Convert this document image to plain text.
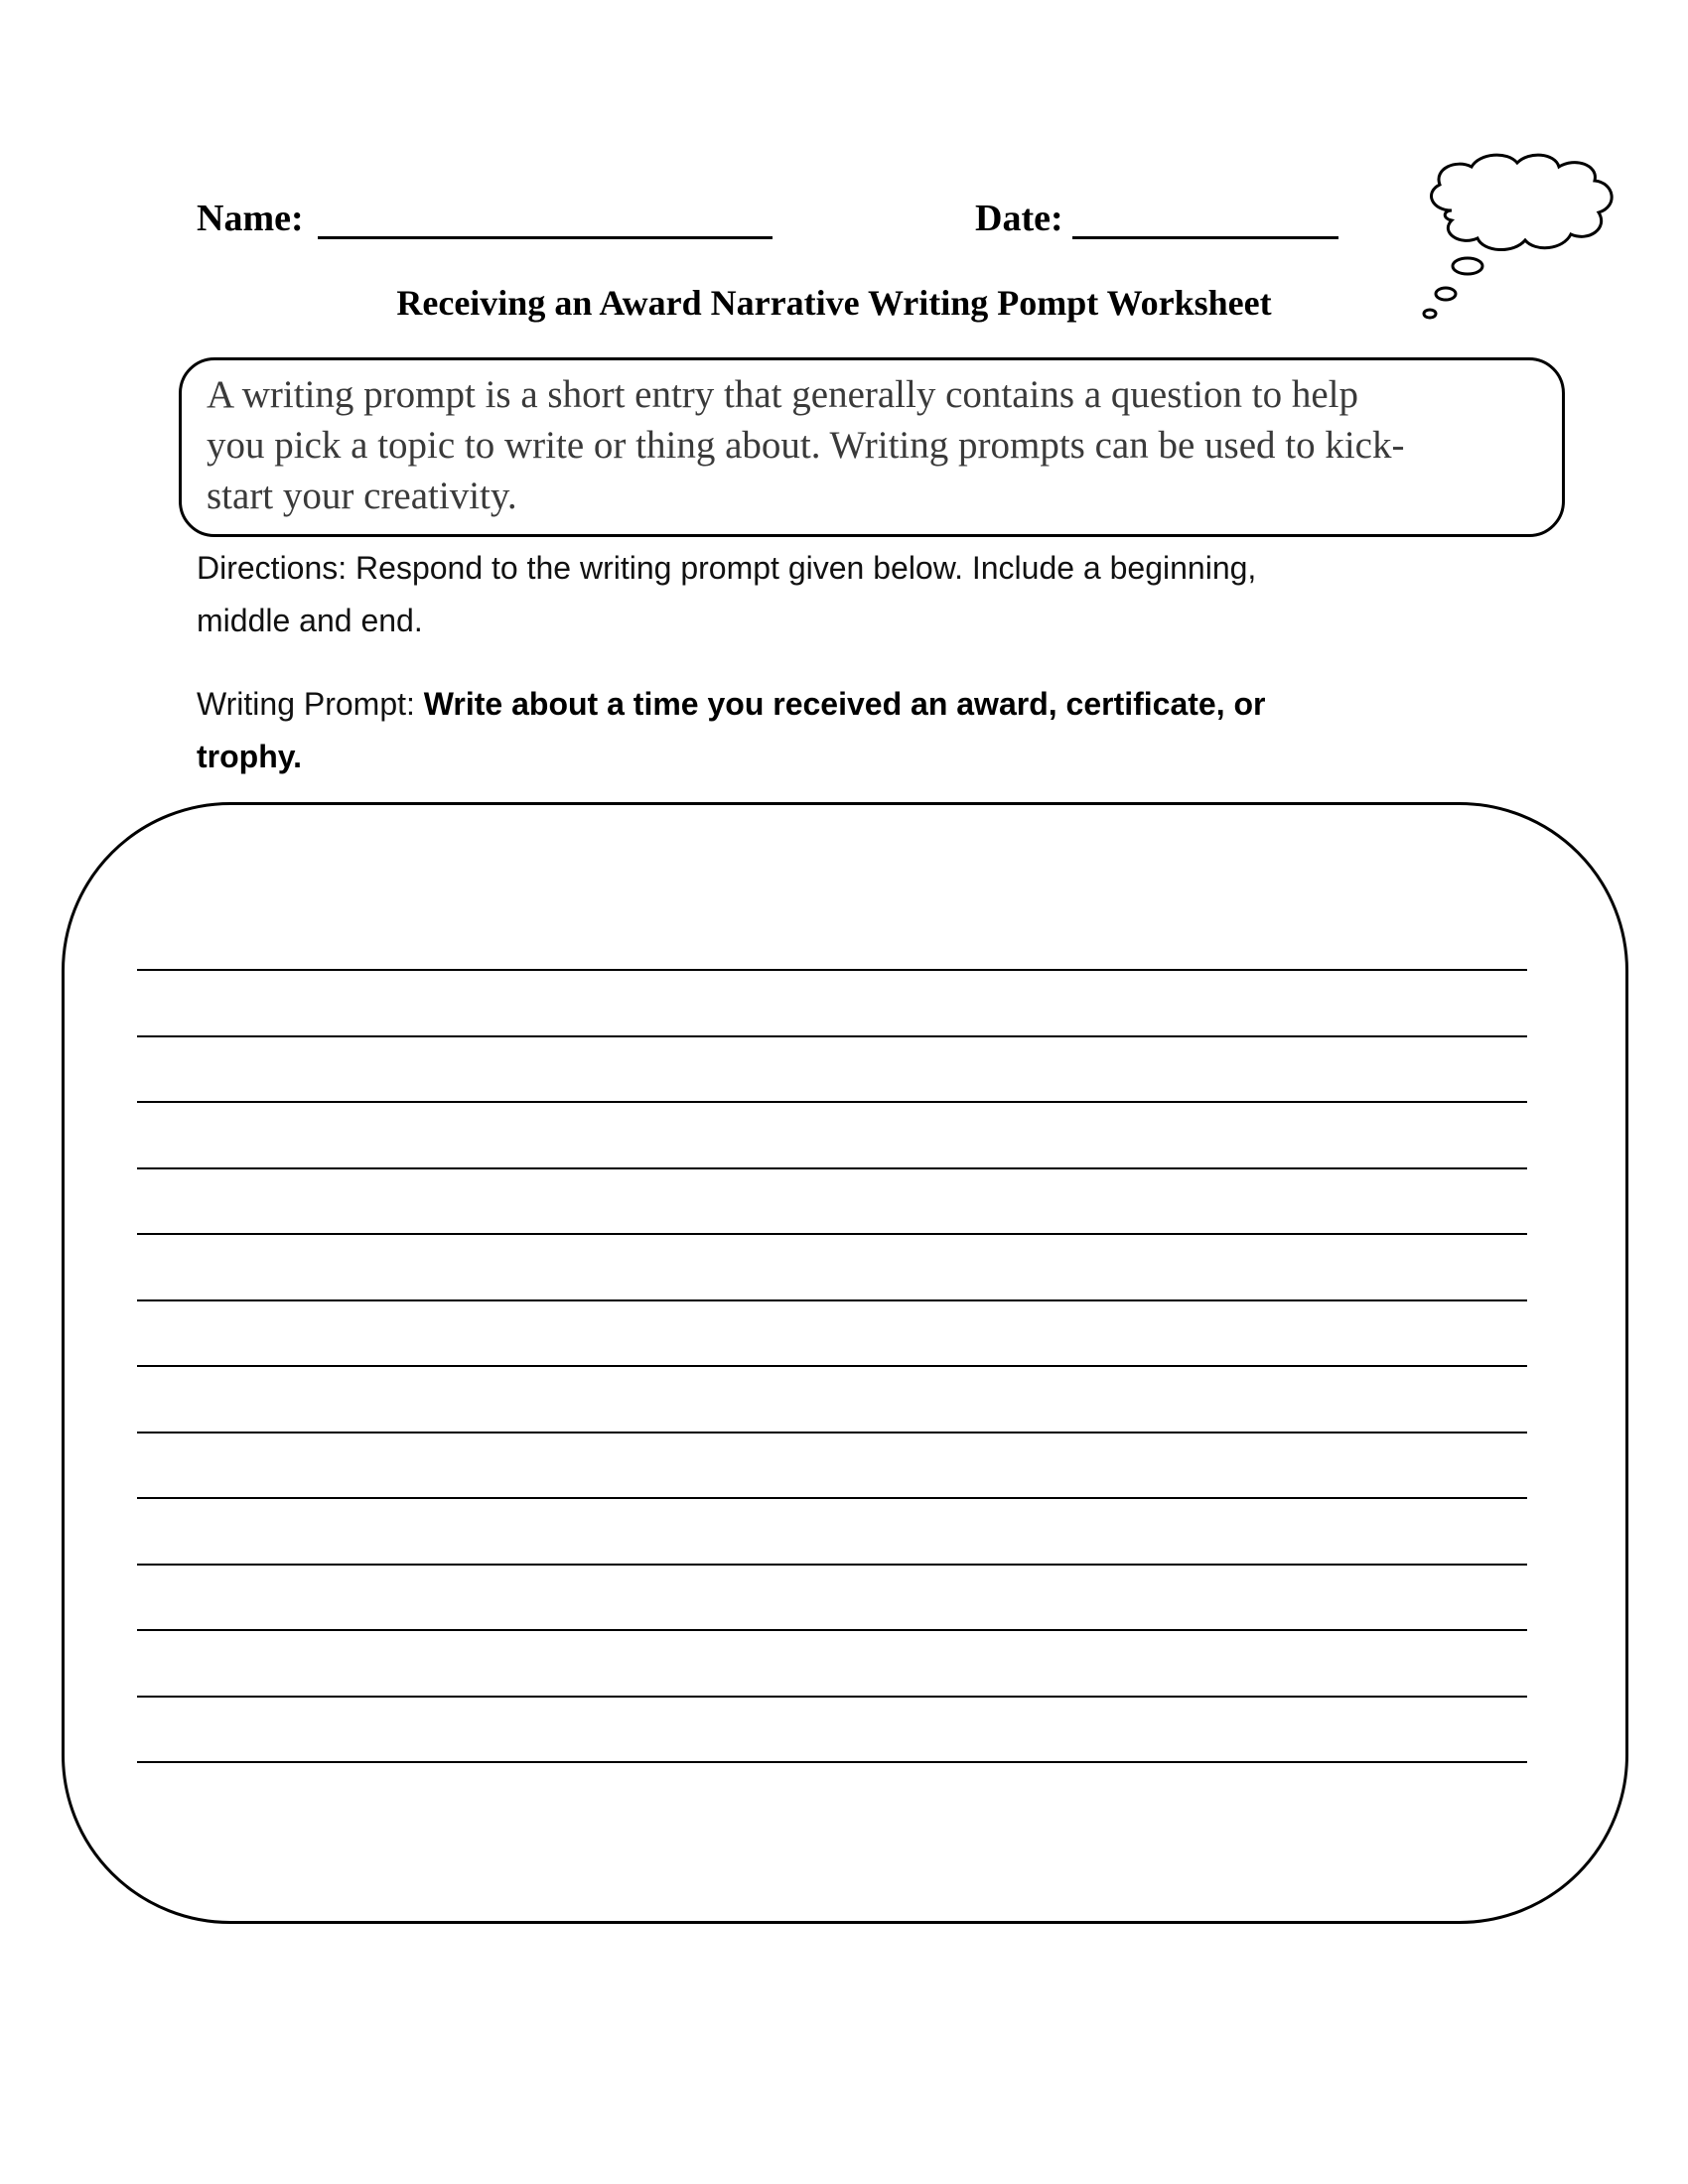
Name:	Date:
Receiving an Award Narrative Writing Pompt Worksheet
A writing prompt is a short entry that generally contains a question to help
you pick a topic to write or thing about. Writing prompts can be used to kick-
start your creativity.
Directions: Respond to the writing prompt given below. Include a beginning,
middle and end.
Writing Prompt: Write about a time you received an award, certificate, or
trophy.
